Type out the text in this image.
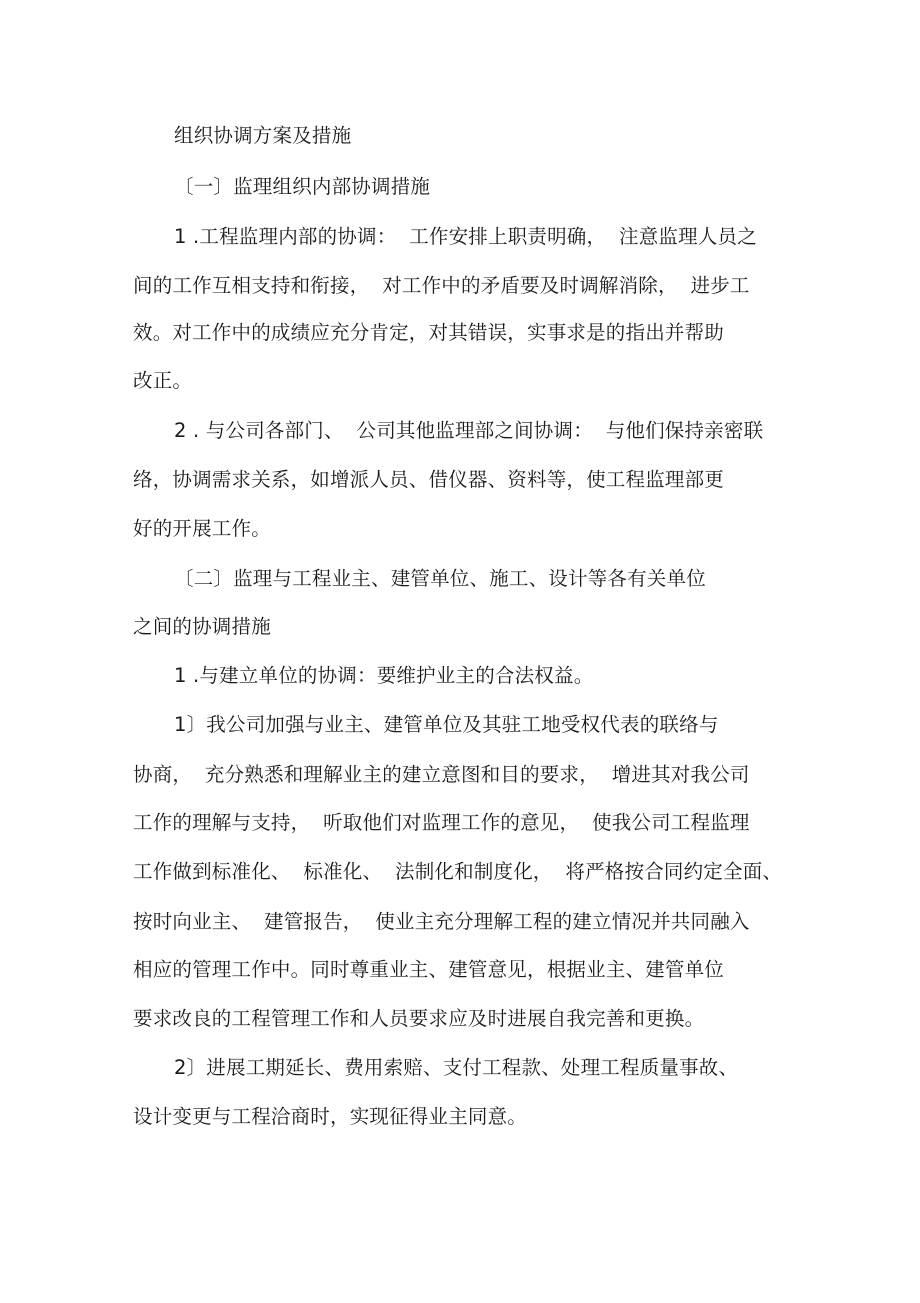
组织协调方案及措施
〔一〕监理组织内部协调措施
1 .工程监理内部的协调：  工作安排上职责明确，  注意监理人员之
间的工作互相支持和衔接，  对工作中的矛盾要及时调解消除，  进步工
效。对工作中的成绩应充分肯定，对其错误，实事求是的指出并帮助
改正。
2 . 与公司各部门、  公司其他监理部之间协调：  与他们保持亲密联
络，协调需求关系，如增派人员、借仪器、资料等，使工程监理部更
好的开展工作。
〔二〕监理与工程业主、建管单位、施工、设计等各有关单位
之间的协调措施
1 .与建立单位的协调：要维护业主的合法权益。
1〕我公司加强与业主、建管单位及其驻工地受权代表的联络与
协商，  充分熟悉和理解业主的建立意图和目的要求，  增进其对我公司
工作的理解与支持，  听取他们对监理工作的意见，  使我公司工程监理
工作做到标准化、  标准化、  法制化和制度化，  将严格按合同约定全面、
按时向业主、  建管报告，  使业主充分理解工程的建立情况并共同融入
相应的管理工作中。同时尊重业主、建管意见，根据业主、建管单位
要求改良的工程管理工作和人员要求应及时进展自我完善和更换。
2〕进展工期延长、费用索赔、支付工程款、处理工程质量事故、
设计变更与工程洽商时，实现征得业主同意。
